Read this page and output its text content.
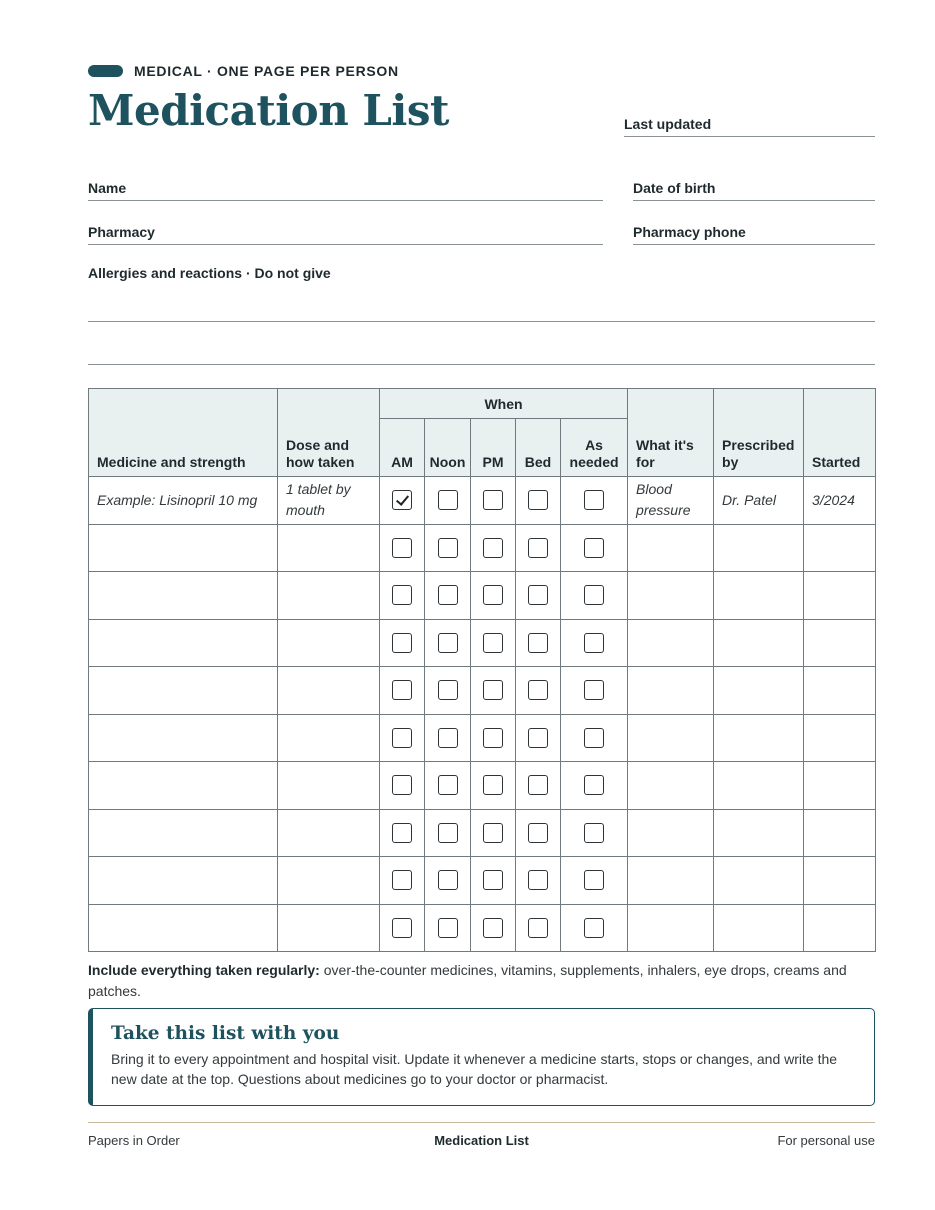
MEDICAL · ONE PAGE PER PERSON
Medication List	Last updated
Name	Date of birth
Pharmacy	Pharmacy phone
Allergies and reactions · Do not give
Medicine and strength	Dose and how taken	When					What it's for	Prescribed by	Started
		AM	Noon	PM	Bed	As needed			
Example: Lisinopril 10 mg	1 tablet by mouth						Blood pressure	Dr. Patel	3/2024

Include everything taken regularly: over-the-counter medicines, vitamins, supplements, inhalers, eye drops, creams and patches.

Take this list with you
Bring it to every appointment and hospital visit. Update it whenever a medicine starts, stops or changes, and write the new date at the top. Questions about medicines go to your doctor or pharmacist.
Papers in Order	Medication List	For personal use
